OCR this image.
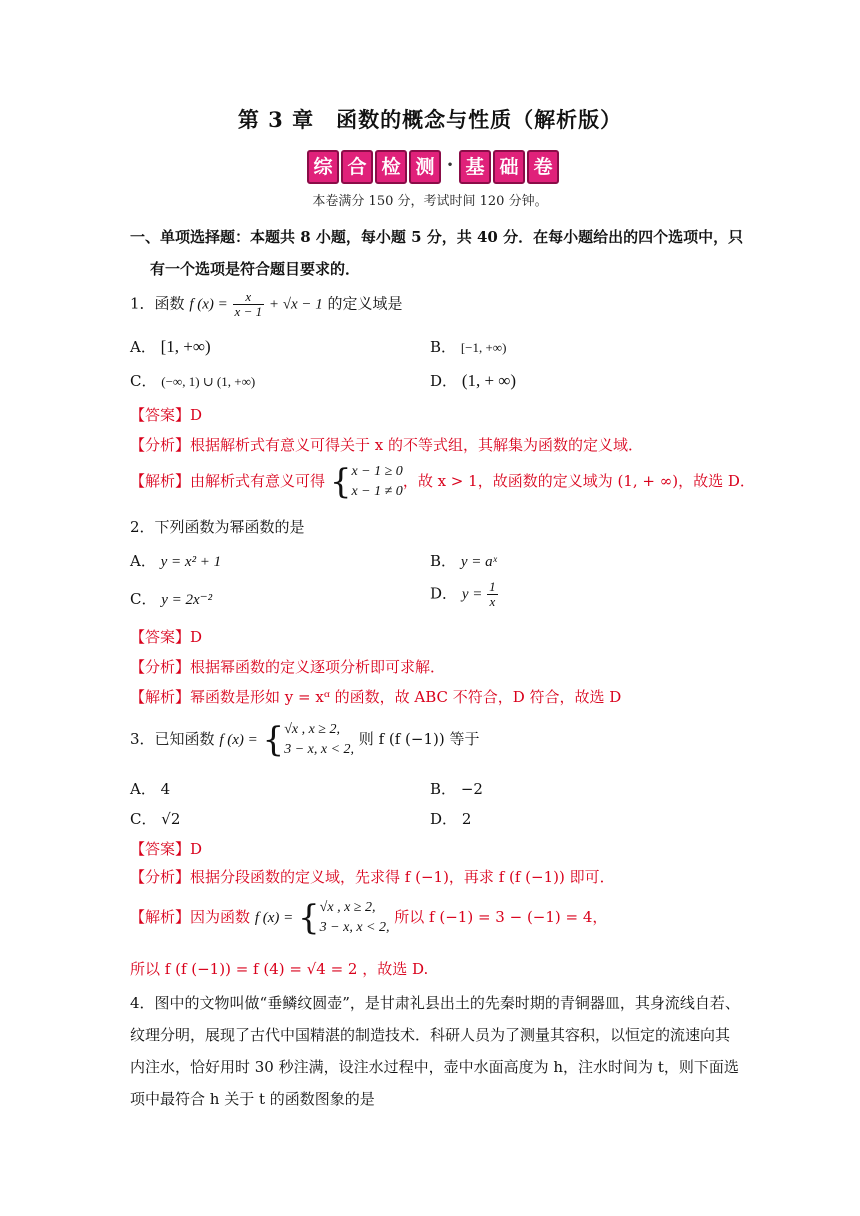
第 3 章　函数的概念与性质（解析版）
综 合 检 测 · 基 础 卷
本卷满分 150 分，考试时间 120 分钟。
一、单项选择题：本题共 8 小题，每小题 5 分，共 40 分．在每小题给出的四个选项中，只
有一个选项是符合题目要求的．
1．函数 f $(x) = \frac{x}{x - 1} + √x - 1$ 的定义域是
A． [1, +∞)	B． [−1, +∞)
C． (−∞, 1) ∪ (1, +∞)	D． (1, + ∞)
【答案】D
【分析】根据解析式有意义可得关于 x 的不等式组，其解集为函数的定义域．
【解析】由解析式有意义可得 { x − 1 ≥ 0
x − 1 ≠ 0
，故 x > 1，故函数的定义域为 (1, + ∞)，故选 D．
2．下列函数为幂函数的是
A． y = x² + 1	B． y = aˣ
C． y = 2x⁻²	D． $y = \frac{1}{x}$
【答案】D
【分析】根据幂函数的定义逐项分析即可求解．
【解析】幂函数是形如 y = xᵅ 的函数，故 ABC 不符合，D 符合，故选 D
3．已知函数 f (x) = { √x , x ≥ 2,
3 − x, x < 2,
则 f (f (−1)) 等于
A． 4	B． −2
C． √2	D． 2
【答案】D
【分析】根据分段函数的定义域，先求得 f (−1)，再求 f (f (−1)) 即可．
【解析】因为函数 f (x) = { √x , x ≥ 2,
3 − x, x < 2,
所以 f (−1) = 3 − (−1) = 4，
所以 f (f (−1)) = f (4) = √4 = 2 ，故选 D.
4．图中的文物叫做“垂鳞纹圆壶”，是甘肃礼县出土的先秦时期的青铜器皿，其身流线自若、
纹理分明，展现了古代中国精湛的制造技术．科研人员为了测量其容积，以恒定的流速向其
内注水，恰好用时 30 秒注满，设注水过程中，壶中水面高度为 h，注水时间为 t，则下面选
项中最符合 h 关于 t 的函数图象的是
